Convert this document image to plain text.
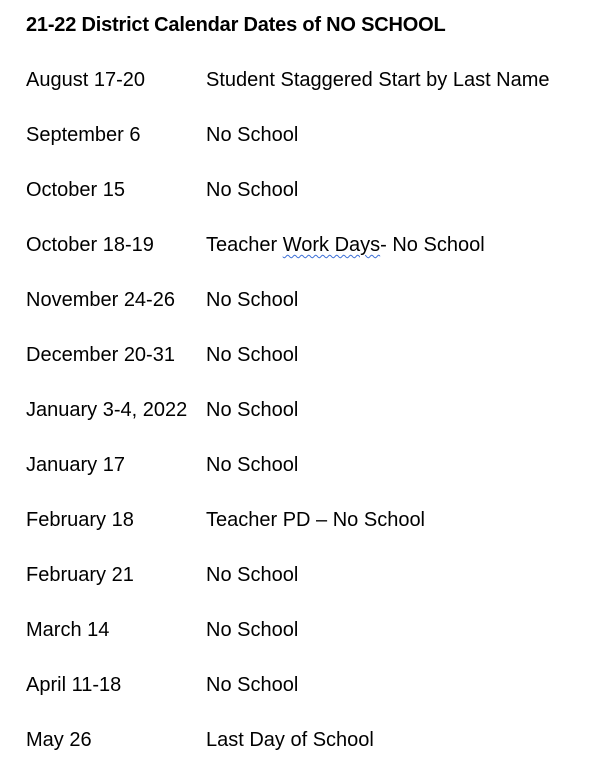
21-22 District Calendar Dates of NO SCHOOL
August 17-20	Student Staggered Start by Last Name
September 6	No School
October 15	No School
October 18-19	Teacher Work Days- No School
November 24-26	No School
December 20-31	No School
January 3-4, 2022 No School
January 17	No School
February 18	Teacher PD – No School
February 21	No School
March 14	No School
April 11-18	No School
May 26	Last Day of School
